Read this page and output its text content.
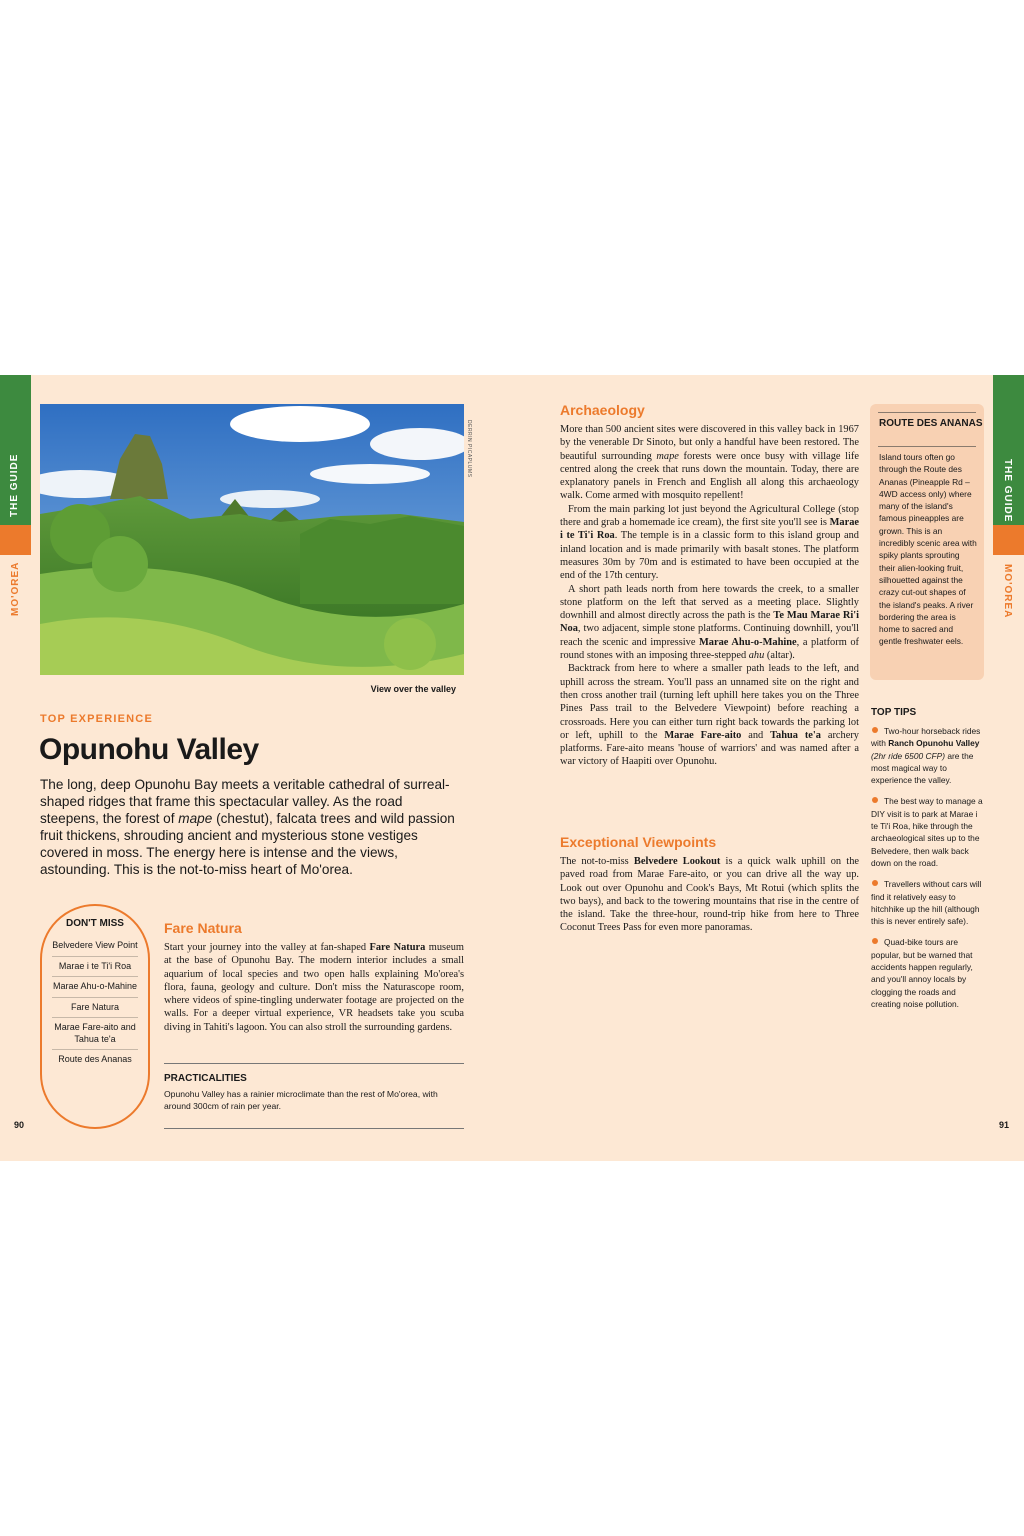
THE GUIDE
MO'OREA
THE GUIDE
MO'OREA
DERRIN PICAPLUMS
View over the valley
TOP EXPERIENCE
Opunohu Valley
The long, deep Opunohu Bay meets a veritable cathedral of surreal-shaped ridges that frame this spectacular valley. As the road steepens, the forest of mape (chestut), falcata trees and wild passion fruit thickens, shrouding ancient and mysterious stone vestiges covered in moss. The energy here is intense and the views, astounding. This is the not-to-miss heart of Mo'orea.
DON'T MISS
Belvedere View Point
Marae i te Ti'i Roa
Marae Ahu-o-Mahine
Fare Natura
Marae Fare-aito and Tahua te'a
Route des Ananas
Fare Natura

Start your journey into the valley at fan-shaped Fare Natura museum at the base of Opunohu Bay. The modern interior includes a small aquarium of local species and two open halls explaining Mo'orea's flora, fauna, geology and culture. Don't miss the Naturascope room, where videos of spine-tingling underwater footage are projected on the walls. For a deeper virtual experience, VR headsets take you scuba diving in Tahiti's lagoon. You can also stroll the surrounding gardens.

PRACTICALITIES
Opunohu Valley has a rainier microclimate than the rest of Mo'orea, with around 300cm of rain per year.
90	91
Archaeology

More than 500 ancient sites were discovered in this valley back in 1967 by the venerable Dr Sinoto, but only a handful have been restored. The beautiful surrounding mape forests were once busy with village life centred along the creek that runs down the mountain. Today, there are explanatory panels in French and English all along this archaeology walk. Come armed with mosquito repellent!

From the main parking lot just beyond the Agricultural College (stop there and grab a homemade ice cream), the first site you'll see is Marae i te Ti'i Roa. The temple is in a classic form to this island group and inland location and is made primarily with basalt stones. The platform measures 30m by 70m and is estimated to have been occupied at the end of the 17th century.

A short path leads north from here towards the creek, to a smaller stone platform on the left that served as a meeting place. Slightly downhill and almost directly across the path is the Te Mau Marae Ri'i Noa, two adjacent, simple stone platforms. Continuing downhill, you'll reach the scenic and impressive Marae Ahu-o-Mahine, a platform of round stones with an imposing three-stepped ahu (altar).

Backtrack from here to where a smaller path leads to the left, and uphill across the stream. You'll pass an unnamed site on the right and then cross another trail (turning left uphill here takes you on the Three Pines Pass trail to the Belvedere Viewpoint) before reaching a crossroads. Here you can either turn right back towards the parking lot or left, uphill to the Marae Fare-aito and Tahua te'a archery platforms. Fare-aito means 'house of warriors' and was named after a war victory of Haapiti over Opunohu.

Exceptional Viewpoints

The not-to-miss Belvedere Lookout is a quick walk uphill on the paved road from Marae Fare-aito, or you can drive all the way up. Look out over Opunohu and Cook's Bays, Mt Rotui (which splits the two bays), and back to the towering mountains that rise in the centre of the island. Take the three-hour, round-trip hike from here to Three Coconut Trees Pass for even more panoramas.

ROUTE DES ANANAS
Island tours often go through the Route des Ananas (Pineapple Rd – 4WD access only) where many of the island's famous pineapples are grown. This is an incredibly scenic area with spiky plants sprouting their alien-looking fruit, silhouetted against the crazy cut-out shapes of the island's peaks. A river bordering the area is home to sacred and gentle freshwater eels.
TOP TIPS
Two-hour horseback rides with Ranch Opunohu Valley (2hr ride 6500 CFP) are the most magical way to experience the valley.
The best way to manage a DIY visit is to park at Marae i te Ti'i Roa, hike through the archaeological sites up to the Belvedere, then walk back down on the road.
Travellers without cars will find it relatively easy to hitchhike up the hill (although this is never entirely safe).
Quad-bike tours are popular, but be warned that accidents happen regularly, and you'll annoy locals by clogging the roads and creating noise pollution.
